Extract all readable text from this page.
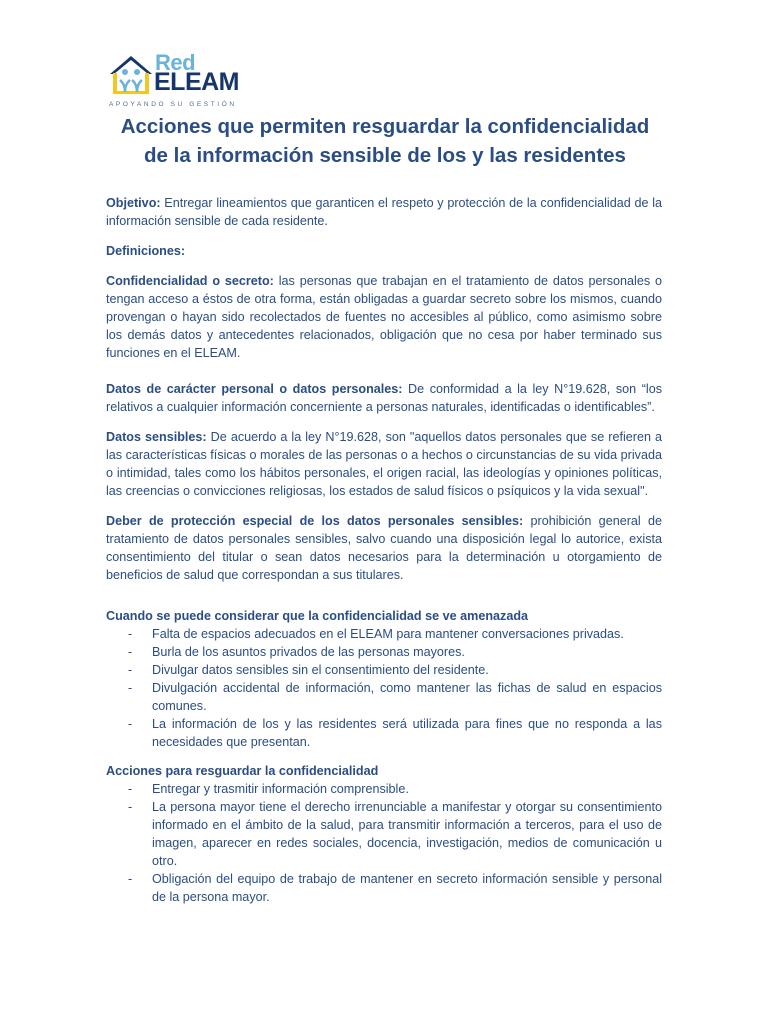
Red
ELEAM
APOYANDO SU GESTIÓN
Acciones que permiten resguardar la confidencialidad de la información sensible de los y las residentes

Objetivo: Entregar lineamientos que garanticen el respeto y protección de la confidencialidad de la información sensible de cada residente.

Definiciones:

Confidencialidad o secreto: las personas que trabajan en el tratamiento de datos personales o tengan acceso a éstos de otra forma, están obligadas a guardar secreto sobre los mismos, cuando provengan o hayan sido recolectados de fuentes no accesibles al público, como asimismo sobre los demás datos y antecedentes relacionados, obligación que no cesa por haber terminado sus funciones en el ELEAM.

Datos de carácter personal o datos personales: De conformidad a la ley N°19.628, son “los relativos a cualquier información concerniente a personas naturales, identificadas o identificables”.

Datos sensibles: De acuerdo a la ley N°19.628, son "aquellos datos personales que se refieren a las características físicas o morales de las personas o a hechos o circunstancias de su vida privada o intimidad, tales como los hábitos personales, el origen racial, las ideologías y opiniones políticas, las creencias o convicciones religiosas, los estados de salud físicos o psíquicos y la vida sexual".

Deber de protección especial de los datos personales sensibles: prohibición general de tratamiento de datos personales sensibles, salvo cuando una disposición legal lo autorice, exista consentimiento del titular o sean datos necesarios para la determinación u otorgamiento de beneficios de salud que correspondan a sus titulares.

Cuando se puede considerar que la confidencialidad se ve amenazada

- Falta de espacios adecuados en el ELEAM para mantener conversaciones privadas.
- Burla de los asuntos privados de las personas mayores.
- Divulgar datos sensibles sin el consentimiento del residente.
- Divulgación accidental de información, como mantener las fichas de salud en espacios comunes.
- La información de los y las residentes será utilizada para fines que no responda a las necesidades que presentan.

Acciones para resguardar la confidencialidad

- Entregar y trasmitir información comprensible.
- La persona mayor tiene el derecho irrenunciable a manifestar y otorgar su consentimiento informado en el ámbito de la salud, para transmitir información a terceros, para el uso de imagen, aparecer en redes sociales, docencia, investigación, medios de comunicación u otro.
- Obligación del equipo de trabajo de mantener en secreto información sensible y personal de la persona mayor.
